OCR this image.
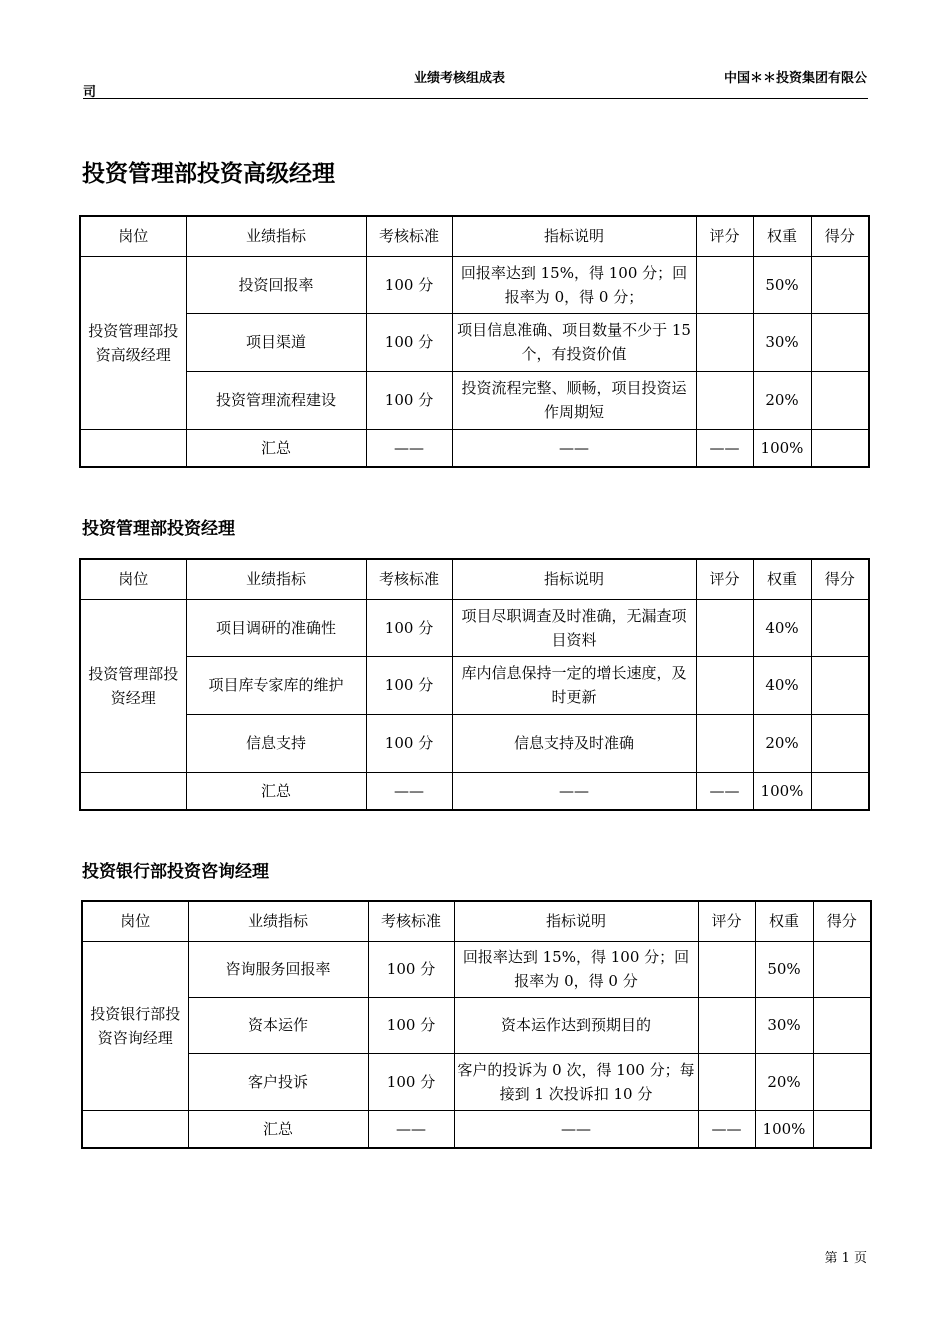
业绩考核组成表	中国＊＊投资集团有限公
司
投资管理部投资高级经理
岗位	业绩指标	考核标准	指标说明	评分	权重	得分
投资管理部投资高级经理	投资回报率	100 分	回报率达到 15%，得 100 分；回报率为 0，得 0 分；		50%	
	项目渠道	100 分	项目信息准确、项目数量不少于 15 个，有投资价值		30%	
	投资管理流程建设	100 分	投资流程完整、顺畅，项目投资运作周期短		20%	
	汇总	——	——	——	100%	
投资管理部投资经理
岗位	业绩指标	考核标准	指标说明	评分	权重	得分
投资管理部投资经理	项目调研的准确性	100 分	项目尽职调查及时准确，无漏查项目资料		40%	
	项目库专家库的维护	100 分	库内信息保持一定的增长速度，及时更新		40%	
	信息支持	100 分	信息支持及时准确		20%	
	汇总	——	——	——	100%	
投资银行部投资咨询经理
岗位	业绩指标	考核标准	指标说明	评分	权重	得分
投资银行部投资咨询经理	咨询服务回报率	100 分	回报率达到 15%，得 100 分；回报率为 0，得 0 分		50%	
	资本运作	100 分	资本运作达到预期目的		30%	
	客户投诉	100 分	客户的投诉为 0 次，得 100 分；每接到 1 次投诉扣 10 分		20%	
	汇总	——	——	——	100%	
第 1 页
